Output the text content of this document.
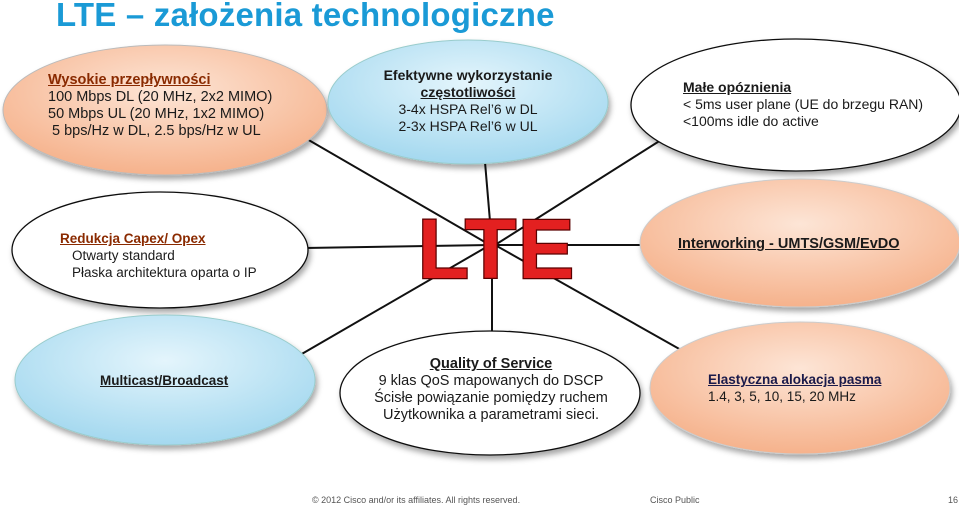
LTE – założenia technologiczne
LTE
Wysokie przepływności
100 Mbps DL (20 MHz, 2x2 MIMO)
50 Mbps UL (20 MHz, 1x2 MIMO)
5 bps/Hz w DL, 2.5 bps/Hz w UL
Efektywne wykorzystanie
częstotliwości
3-4x HSPA Rel’6 w DL
2-3x HSPA Rel’6 w UL
Małe opóznienia
< 5ms user plane (UE do brzegu RAN)
<100ms idle do active
Redukcja Capex/ Opex
Otwarty standard
Płaska architektura oparta o IP
Interworking - UMTS/GSM/EvDO
Multicast/Broadcast
Quality of Service
9 klas QoS mapowanych do DSCP
Ścisłe powiązanie pomiędzy ruchem
Użytkownika a parametrami sieci.
Elastyczna alokacja pasma
1.4, 3, 5, 10, 15, 20 MHz
© 2012 Cisco and/or its affiliates. All rights reserved.	Cisco Public	16
